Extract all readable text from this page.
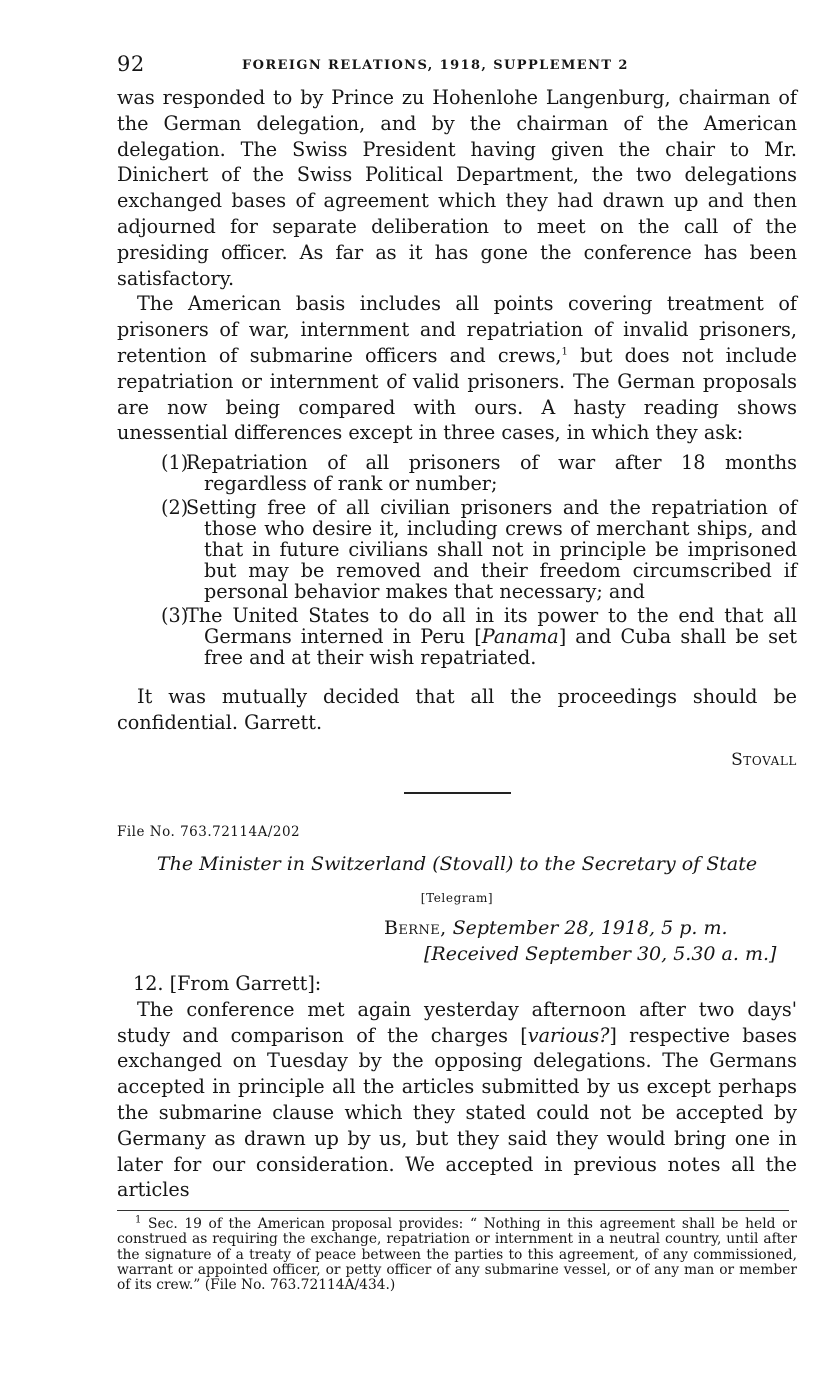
92	FOREIGN RELATIONS, 1918, SUPPLEMENT 2

was responded to by Prince zu Hohenlohe Langenburg, chairman of the German delegation, and by the chairman of the American delegation. The Swiss President having given the chair to Mr. Dinichert of the Swiss Political Department, the two delegations exchanged bases of agreement which they had drawn up and then adjourned for separate deliberation to meet on the call of the presiding officer. As far as it has gone the conference has been satisfactory.

The American basis includes all points covering treatment of prisoners of war, internment and repatriation of invalid prisoners, retention of submarine officers and crews,$^1$ but does not include repatriation or internment of valid prisoners. The German proposals are now being compared with ours. A hasty reading shows unessential differences except in three cases, in which they ask:

(1)
Repatriation of all prisoners of war after 18 months regardless of rank or number;
(2)
Setting free of all civilian prisoners and the repatriation of those who desire it, including crews of merchant ships, and that in future civilians shall not in principle be imprisoned but may be removed and their freedom circumscribed if personal behavior makes that necessary; and
(3)
The United States to do all in its power to the end that all Germans interned in Peru [Panama] and Cuba shall be set free and at their wish repatriated.

It was mutually decided that all the proceedings should be confidential. Garrett.

Stovall
File No. 763.72114A/202
The Minister in Switzerland (Stovall) to the Secretary of State
[Telegram]
Berne, September 28, 1918, 5 p. m.
[Received September 30, 5.30 a. m.]
12. [From Garrett]:

The conference met again yesterday afternoon after two days' study and comparison of the charges [various?] respective bases exchanged on Tuesday by the opposing delegations. The Germans accepted in principle all the articles submitted by us except perhaps the submarine clause which they stated could not be accepted by Germany as drawn up by us, but they said they would bring one in later for our consideration. We accepted in previous notes all the articles

$^1$ Sec. 19 of the American proposal provides: “ Nothing in this agreement shall be held or construed as requiring the exchange, repatriation or internment in a neutral country, until after the signature of a treaty of peace between the parties to this agreement, of any commissioned, warrant or appointed officer, or petty officer of any submarine vessel, or of any man or member of its crew.” (File No. 763.72114A/434.)
